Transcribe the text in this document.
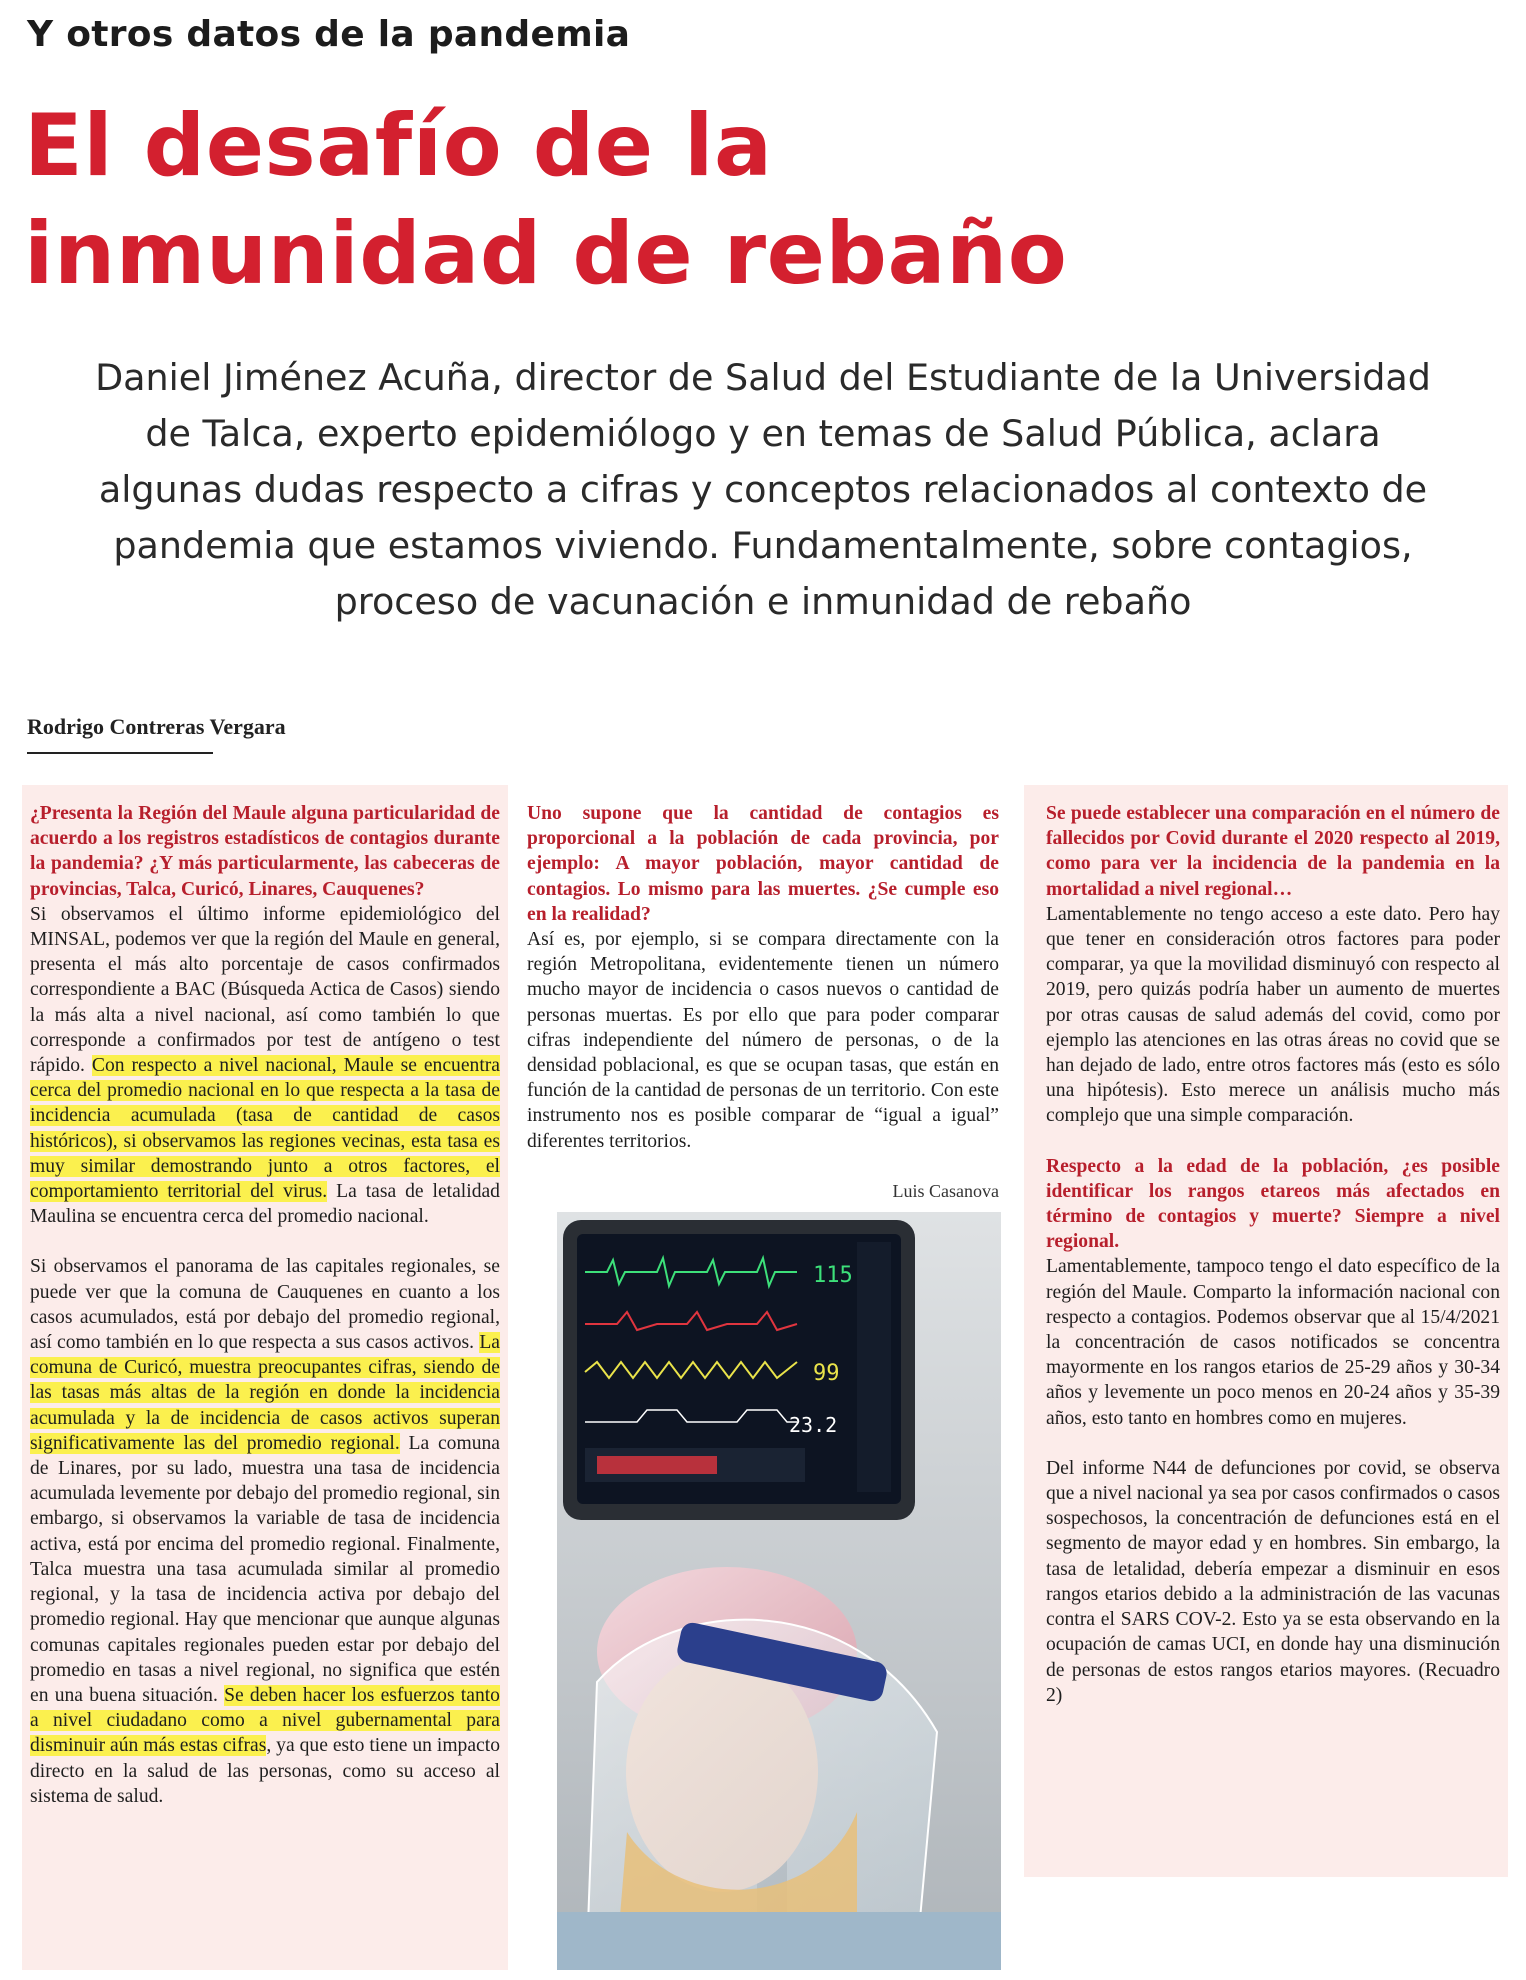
Y otros datos de la pandemia
El desafío de la
inmunidad de rebaño

Daniel Jiménez Acuña, director de Salud del Estudiante de la Universidad de Talca, experto epidemiólogo y en temas de Salud Pública, aclara algunas dudas respecto a cifras y conceptos relacionados al contexto de pandemia que estamos viviendo. Fundamentalmente, sobre contagios, proceso de vacunación e inmunidad de rebaño

Rodrigo Contreras Vergara

¿Presenta la Región del Maule alguna particularidad de acuerdo a los registros estadísticos de contagios durante la pandemia? ¿Y más particularmente, las cabeceras de provincias, Talca, Curicó, Linares, Cauquenes?

Si observamos el último informe epidemiológico del MINSAL, podemos ver que la región del Maule en general, presenta el más alto porcentaje de casos confirmados correspondiente a BAC (Búsqueda Actica de Casos) siendo la más alta a nivel nacional, así como también lo que corresponde a confirmados por test de antígeno o test rápido. Con respecto a nivel nacional, Maule se encuentra cerca del promedio nacional en lo que respecta a la tasa de incidencia acumulada (tasa de cantidad de casos históricos), si observamos las regiones vecinas, esta tasa es muy similar demostrando junto a otros factores, el comportamiento territorial del virus. La tasa de letalidad Maulina se encuentra cerca del promedio nacional.

Si observamos el panorama de las capitales regionales, se puede ver que la comuna de Cauquenes en cuanto a los casos acumulados, está por debajo del promedio regional, así como también en lo que respecta a sus casos activos. La comuna de Curicó, muestra preocupantes cifras, siendo de las tasas más altas de la región en donde la incidencia acumulada y la de incidencia de casos activos superan significativamente las del promedio regional. La comuna de Linares, por su lado, muestra una tasa de incidencia acumulada levemente por debajo del promedio regional, sin embargo, si observamos la variable de tasa de incidencia activa, está por encima del promedio regional. Finalmente, Talca muestra una tasa acumulada similar al promedio regional, y la tasa de incidencia activa por debajo del promedio regional. Hay que mencionar que aunque algunas comunas capitales regionales pueden estar por debajo del promedio en tasas a nivel regional, no significa que estén en una buena situación. Se deben hacer los esfuerzos tanto a nivel ciudadano como a nivel gubernamental para disminuir aún más estas cifras, ya que esto tiene un impacto directo en la salud de las personas, como su acceso al sistema de salud.

Uno supone que la cantidad de contagios es proporcional a la población de cada provincia, por ejemplo: A mayor población, mayor cantidad de contagios. Lo mismo para las muertes. ¿Se cumple eso en la realidad?

Así es, por ejemplo, si se compara directamente con la región Metropolitana, evidentemente tienen un número mucho mayor de incidencia o casos nuevos o cantidad de personas muertas. Es por ello que para poder comparar cifras independiente del número de personas, o de la densidad poblacional, es que se ocupan tasas, que están en función de la cantidad de personas de un territorio. Con este instrumento nos es posible comparar de “igual a igual” diferentes territorios.

Luis Casanova

115
99
23.2

Se puede establecer una comparación en el número de fallecidos por Covid durante el 2020 respecto al 2019, como para ver la incidencia de la pandemia en la mortalidad a nivel regional…

Lamentablemente no tengo acceso a este dato. Pero hay que tener en consideración otros factores para poder comparar, ya que la movilidad disminuyó con respecto al 2019, pero quizás podría haber un aumento de muertes por otras causas de salud además del covid, como por ejemplo las atenciones en las otras áreas no covid que se han dejado de lado, entre otros factores más (esto es sólo una hipótesis). Esto merece un análisis mucho más complejo que una simple comparación.

Respecto a la edad de la población, ¿es posible identificar los rangos etareos más afectados en término de contagios y muerte? Siempre a nivel regional.

Lamentablemente, tampoco tengo el dato específico de la región del Maule. Comparto la información nacional con respecto a contagios. Podemos observar que al 15/4/2021 la concentración de casos notificados se concentra mayormente en los rangos etarios de 25-29 años y 30-34 años y levemente un poco menos en 20-24 años y 35-39 años, esto tanto en hombres como en mujeres.

Del informe N44 de defunciones por covid, se observa que a nivel nacional ya sea por casos confirmados o casos sospechosos, la concentración de defunciones está en el segmento de mayor edad y en hombres. Sin embargo, la tasa de letalidad, debería empezar a disminuir en esos rangos etarios debido a la administración de las vacunas contra el SARS COV-2. Esto ya se esta observando en la ocupación de camas UCI, en donde hay una disminución de personas de estos rangos etarios mayores. (Recuadro 2)
